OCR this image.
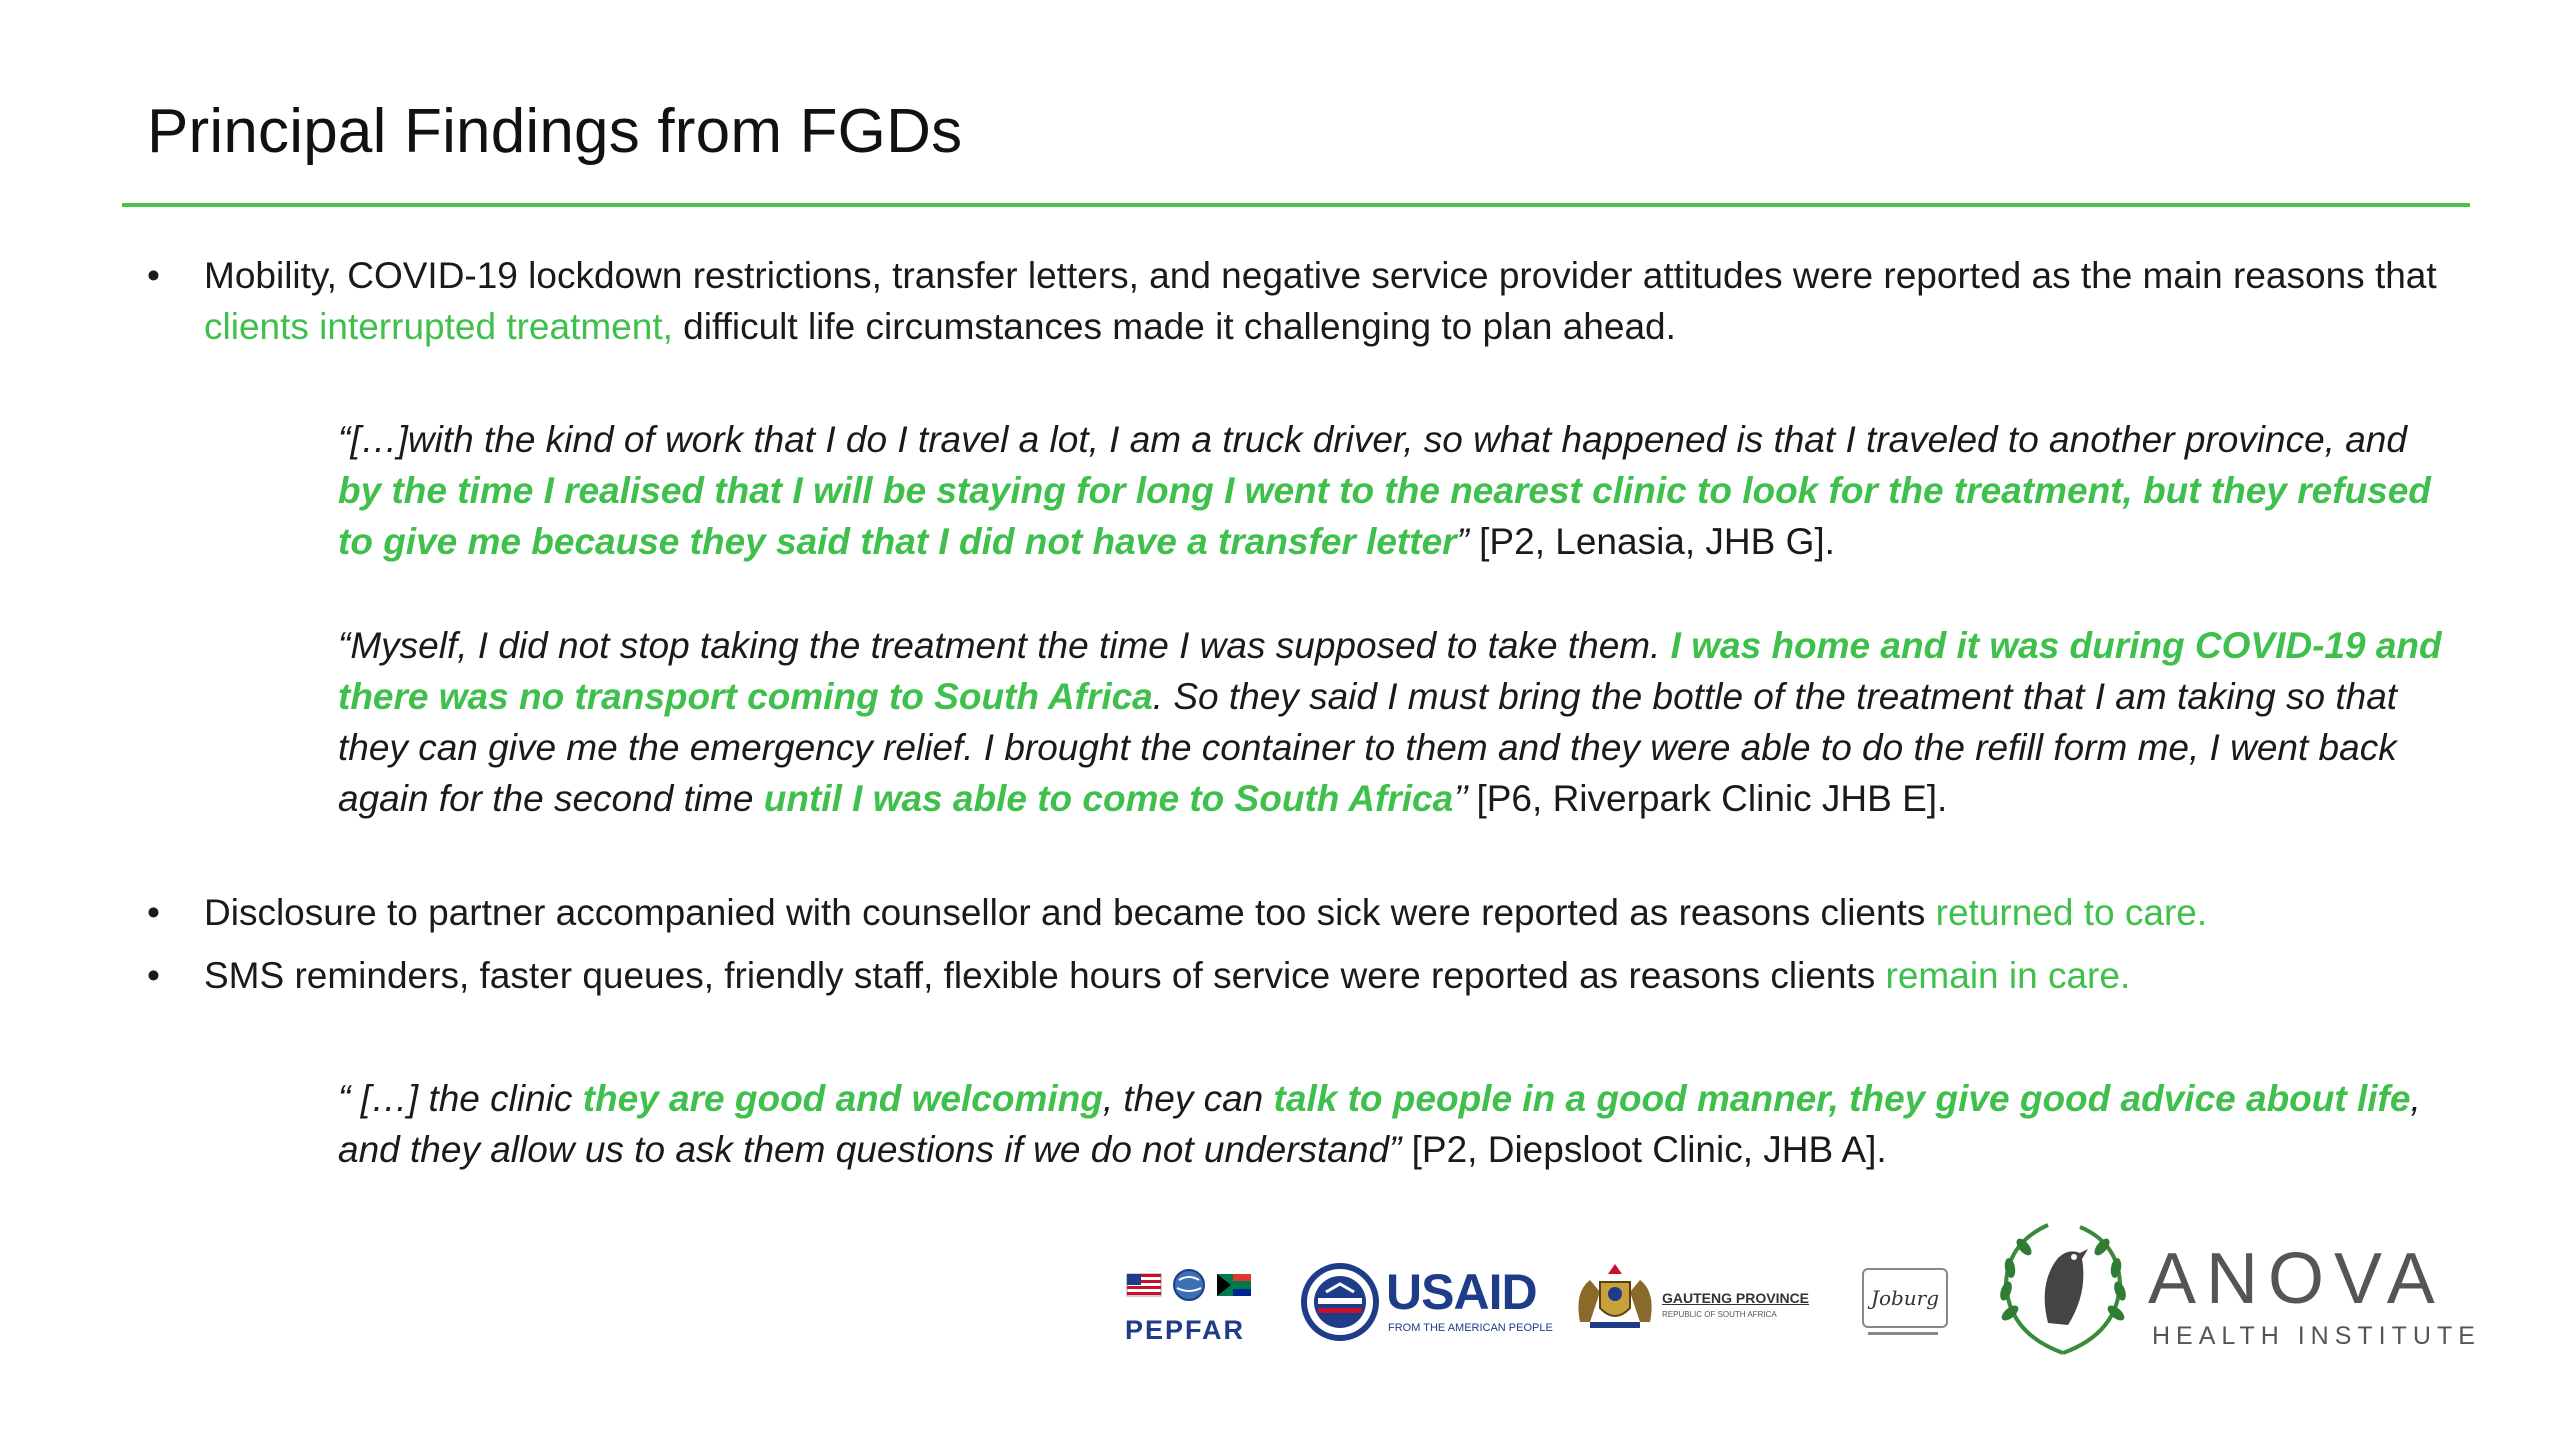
Principal Findings from FGDs
•	Mobility, COVID-19 lockdown restrictions, transfer letters, and negative service provider attitudes were reported as the main reasons that clients interrupted treatment, difficult life circumstances made it challenging to plan ahead.
“[…]with the kind of work that I do I travel a lot, I am a truck driver, so what happened is that I traveled to another province, and by the time I realised that I will be staying for long I went to the nearest clinic to look for the treatment, but they refused to give me because they said that I did not have a transfer letter” [P2, Lenasia, JHB G].
“Myself, I did not stop taking the treatment the time I was supposed to take them. I was home and it was during COVID-19 and there was no transport coming to South Africa. So they said I must bring the bottle of the treatment that I am taking so that they can give me the emergency relief. I brought the container to them and they were able to do the refill form me, I went back again for the second time until I was able to come to South Africa’’ [P6, Riverpark Clinic JHB E].
•	Disclosure to partner accompanied with counsellor and became too sick were reported as reasons clients returned to care.
•	SMS reminders, faster queues, friendly staff, flexible hours of service were reported as reasons clients remain in care.
“ […] the clinic they are good and welcoming, they can talk to people in a good manner, they give good advice about life, and they allow us to ask them questions if we do not understand” [P2, Diepsloot Clinic, JHB A].
PEPFAR
USAID
FROM THE AMERICAN PEOPLE
GAUTENG PROVINCE
REPUBLIC OF SOUTH AFRICA
Joburg	ANOVA
HEALTH INSTITUTE
